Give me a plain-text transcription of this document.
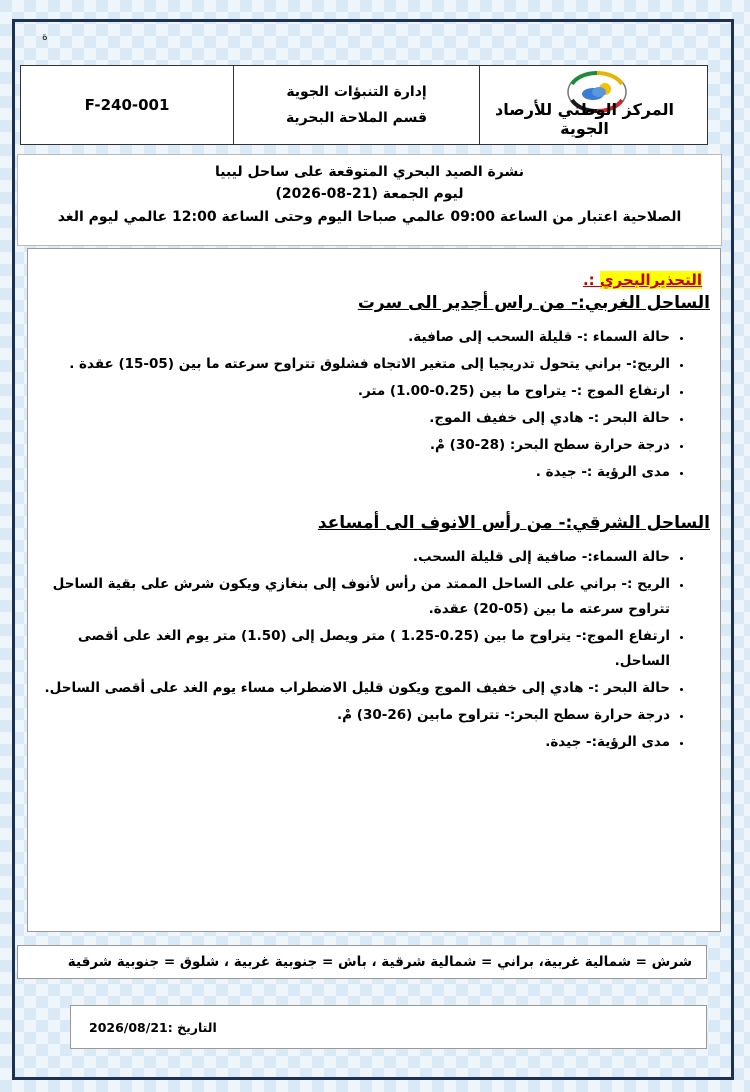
ة
F-240-001
إدارة التنبؤات الجوية
قسم الملاحة البحرية	المركز الوطني للأرصاد الجوية
نشرة الصيد البحري المتوقعة على ساحل ليبيا
ليوم الجمعة (21-08-2026)
الصلاحية اعتبار من الساعة 09:00 عالمي صباحا اليوم وحتى الساعة 12:00 عالمي ليوم الغد
التحذيرالبحري :.
الساحل الغربي:- من راس أجدير الى سرت
• حالة السماء :- قليلة السحب إلى صافية.
• الريح:- براني يتحول تدريجيا إلى متغير الاتجاه فشلوق تتراوح سرعته ما بين (05-15) عقدة .
• ارتفاع الموج :- يتراوح ما بين (0.25-1.00) متر.
• حالة البحر :- هادي إلى خفيف الموج.
• درجة حرارة سطح البحر: (28-30) مْ.
• مدى الرؤية :- جيدة .
الساحل الشرقي:- من رأس الانوف الى أمساعد
• حالة السماء:- صافية إلى قليلة السحب.
• الريح :- براني على الساحل الممتد من رأس لأنوف إلى بنغازي ويكون شرش على بقية الساحل تتراوح سرعته ما بين (05-20) عقدة.
• ارتفاع الموج:- يتراوح ما بين (0.25-1.25 ) متر ويصل إلى (1.50) متر يوم الغد على أقصى الساحل.
• حالة البحر :- هادي إلى خفيف الموج ويكون قليل الاضطراب مساء يوم الغد على أقصى الساحل.
• درجة حرارة سطح البحر:- تتراوح مابين (26-30) مْ.
• مدى الرؤية:- جيدة.
شرش = شمالية غربية، براني = شمالية شرقية ، باش = جنوبية غربية ، شلوق = جنوبية شرقية
التاريخ :2026/08/21
